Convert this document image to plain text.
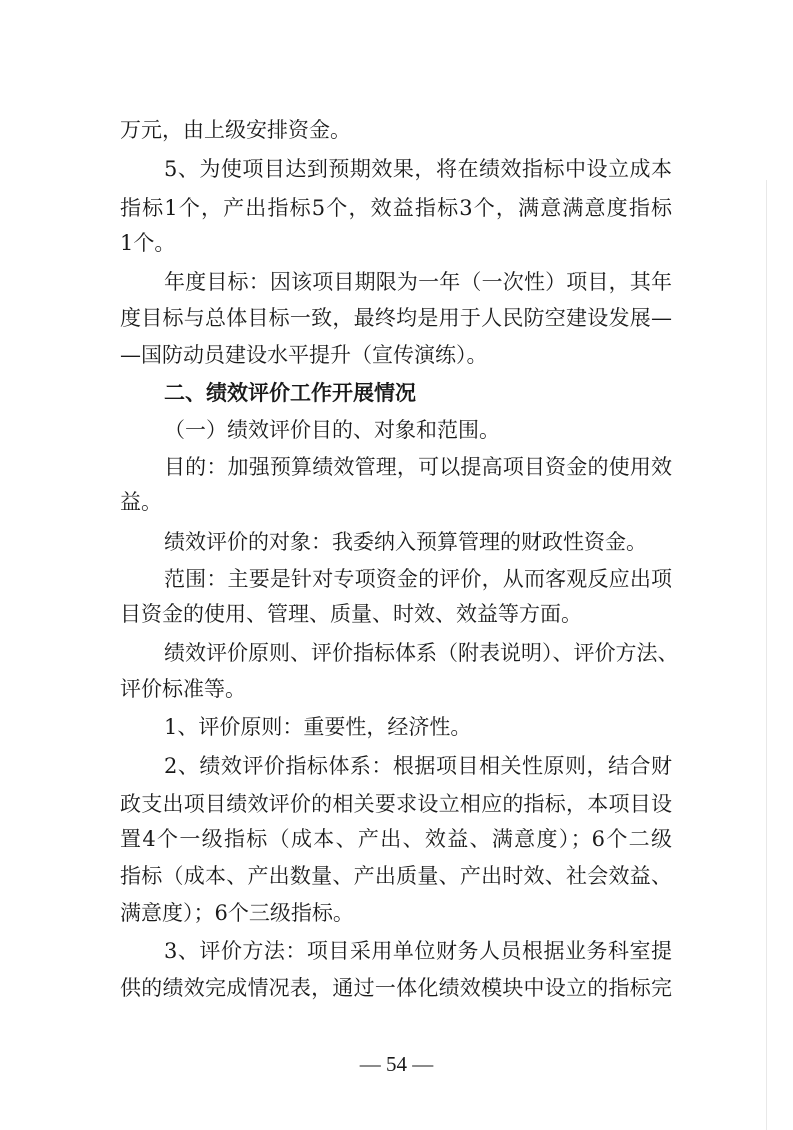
万元，由上级安排资金。
5、为使项目达到预期效果，将在绩效指标中设立成本
指标1个，产出指标5个，效益指标3个，满意满意度指标
1个。
年度目标：因该项目期限为一年（一次性）项目，其年
度目标与总体目标一致，最终均是用于人民防空建设发展—
—国防动员建设水平提升（宣传演练）。
二、绩效评价工作开展情况
（一）绩效评价目的、对象和范围。
目的：加强预算绩效管理，可以提高项目资金的使用效
益。
绩效评价的对象：我委纳入预算管理的财政性资金。
范围：主要是针对专项资金的评价，从而客观反应出项
目资金的使用、管理、质量、时效、效益等方面。
绩效评价原则、评价指标体系（附表说明）、评价方法、
评价标准等。
1、评价原则：重要性，经济性。
2、绩效评价指标体系：根据项目相关性原则，结合财
政支出项目绩效评价的相关要求设立相应的指标，本项目设
置4个一级指标（成本、产出、效益、满意度）；6个二级
指标（成本、产出数量、产出质量、产出时效、社会效益、
满意度）；6个三级指标。
3、评价方法：项目采用单位财务人员根据业务科室提
供的绩效完成情况表，通过一体化绩效模块中设立的指标完
— 54 —
